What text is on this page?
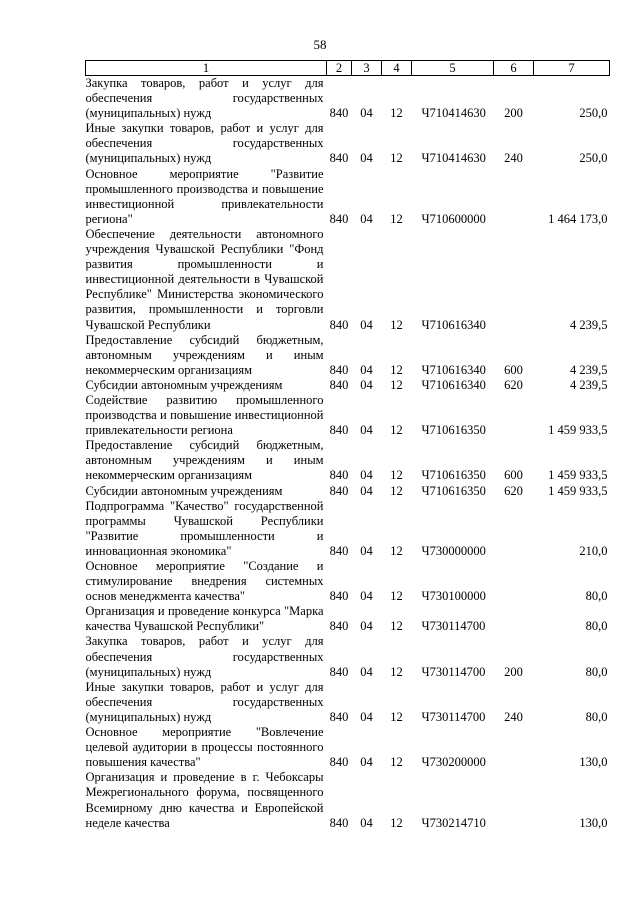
58
1	2	3	4	5	6	7
Закупка товаров, работ и услуг для обеспечения государственных (муниципальных) нужд	840	04	12	Ч710414630	200	250,0
Иные закупки товаров, работ и услуг для обеспечения государственных (муниципальных) нужд	840	04	12	Ч710414630	240	250,0
Основное мероприятие "Развитие промышленного производства и повышение инвестиционной привлекательности региона"	840	04	12	Ч710600000		1 464 173,0
Обеспечение деятельности автономного учреждения Чувашской Республики "Фонд развития промышленности и инвестиционной деятельности в Чувашской Республике" Министерства экономического развития, промышленности и торговли Чувашской Республики	840	04	12	Ч710616340		4 239,5
Предоставление субсидий бюджетным, автономным учреждениям и иным некоммерческим организациям	840	04	12	Ч710616340	600	4 239,5
Субсидии автономным учреждениям	840	04	12	Ч710616340	620	4 239,5
Содействие развитию промышленного производства и повышение инвестиционной привлекательности региона	840	04	12	Ч710616350		1 459 933,5
Предоставление субсидий бюджетным, автономным учреждениям и иным некоммерческим организациям	840	04	12	Ч710616350	600	1 459 933,5
Субсидии автономным учреждениям	840	04	12	Ч710616350	620	1 459 933,5
Подпрограмма "Качество" государственной программы Чувашской Республики "Развитие промышленности и инновационная экономика"	840	04	12	Ч730000000		210,0
Основное мероприятие "Создание и стимулирование внедрения системных основ менеджмента качества"	840	04	12	Ч730100000		80,0
Организация и проведение конкурса "Марка качества Чувашской Республики"	840	04	12	Ч730114700		80,0
Закупка товаров, работ и услуг для обеспечения государственных (муниципальных) нужд	840	04	12	Ч730114700	200	80,0
Иные закупки товаров, работ и услуг для обеспечения государственных (муниципальных) нужд	840	04	12	Ч730114700	240	80,0
Основное мероприятие "Вовлечение целевой аудитории в процессы постоянного повышения качества"	840	04	12	Ч730200000		130,0
Организация и проведение в г. Чебоксары Межрегионального форума, посвященного Всемирному дню качества и Европейской неделе качества	840	04	12	Ч730214710		130,0
